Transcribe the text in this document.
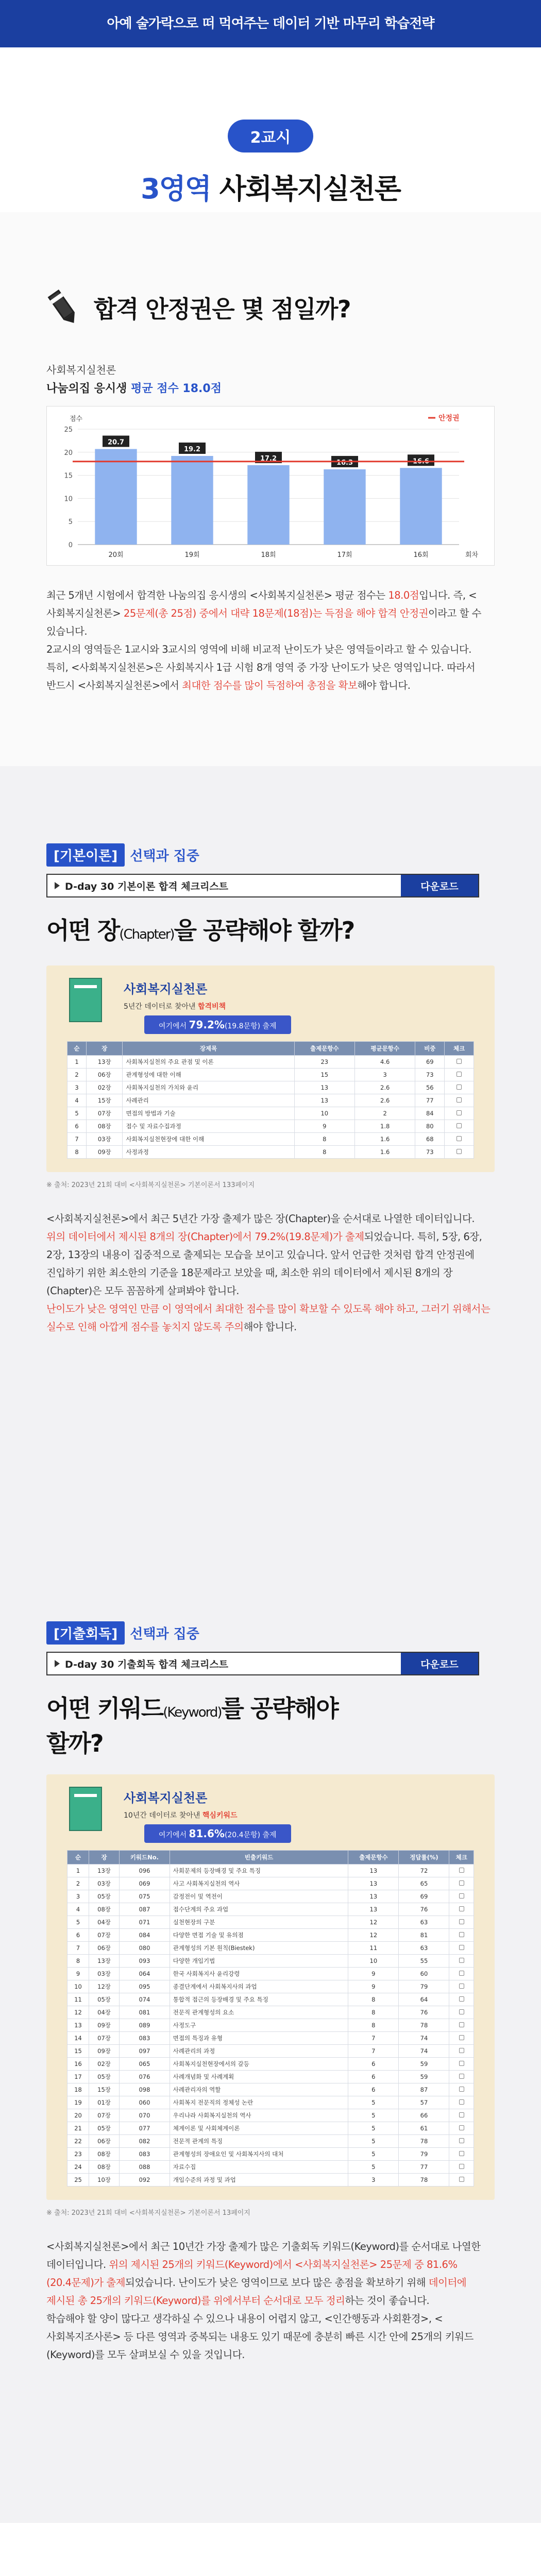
아예 술가락으로 떠 먹여주는 데이터 기반 마무리 학습전략
2교시
3영역 사회복지실천론
합격 안정권은 몇 점일까?
사회복지실천론
나눔의집 응시생 평균 점수 18.0점
0
5
10
15
20
25
점수
회차
20.7
20회
19.2
19회
17.2
18회
16.3
17회
16.6
16회
안정권
최근 5개년 시험에서 합격한 나눔의집 응시생의 <사회복지실천론> 평균 점수는 18.0점입니다. 즉, <사회복지실천론> 25문제(총 25점) 중에서 대략 18문제(18점)는 득점을 해야 합격 안정권이라고 할 수 있습니다.
2교시의 영역들은 1교시와 3교시의 영역에 비해 비교적 난이도가 낮은 영역들이라고 할 수 있습니다. 특히, <사회복지실천론>은 사회복지사 1급 시험 8개 영역 중 가장 난이도가 낮은 영역입니다. 따라서 반드시 <사회복지실천론>에서 최대한 점수를 많이 득점하여 총점을 확보해야 합니다.
[기본이론] 선택과 집중
D-day 30 기본이론 합격 체크리스트	다운로드
어떤 장(Chapter)을 공략해야 할까?
사회복지실천론
5년간 데이터로 찾아낸 합격비책
여기에서 79.2%(19.8문항) 출제
순	장	장제목	출제문항수	평균문항수	비중	체크
1	13장	사회복지실천의 주요 관점 및 이론	23	4.6	69	
2	06장	관계형성에 대한 이해	15	3	73	
3	02장	사회복지실천의 가치와 윤리	13	2.6	56	
4	15장	사례관리	13	2.6	77	
5	07장	면접의 방법과 기술	10	2	84	
6	08장	접수 및 자료수집과정	9	1.8	80	
7	03장	사회복지실천현장에 대한 이해	8	1.6	68	
8	09장	사정과정	8	1.6	73	
※ 출처: 2023년 21회 대비 <사회복지실천론> 기본이론서 133페이지
<사회복지실천론>에서 최근 5년간 가장 출제가 많은 장(Chapter)을 순서대로 나열한 데이터입니다. 위의 데이터에서 제시된 8개의 장(Chapter)에서 79.2%(19.8문제)가 출제되었습니다. 특히, 5장, 6장, 2장, 13장의 내용이 집중적으로 출제되는 모습을 보이고 있습니다. 앞서 언급한 것처럼 합격 안정권에 진입하기 위한 최소한의 기준을 18문제라고 보았을 때, 최소한 위의 데이터에서 제시된 8개의 장(Chapter)은 모두 꼼꼼하게 살펴봐야 합니다.
난이도가 낮은 영역인 만큼 이 영역에서 최대한 점수를 많이 확보할 수 있도록 해야 하고, 그러기 위해서는 실수로 인해 아깝게 점수를 놓치지 않도록 주의해야 합니다.
[기출회독] 선택과 집중
D-day 30 기출회독 합격 체크리스트	다운로드
어떤 키워드(Keyword)를 공략해야
할까?
사회복지실천론
10년간 데이터로 찾아낸 핵심키워드
여기에서 81.6%(20.4문항) 출제
순	장	키워드No.	빈출키워드	출제문항수	정답률(%)	체크
1	13장	096	사회문제의 등장배경 및 주요 특징	13	72	
2	03장	069	사고 사회복지실천의 역사	13	65	
3	05장	075	감정전이 및 역전이	13	69	
4	08장	087	접수단계의 주요 과업	13	76	
5	04장	071	실천현장의 구분	12	63	
6	07장	084	다양한 면접 기술 및 유의점	12	81	
7	06장	080	관계형성의 기본 원칙(Biestek)	11	63	
8	13장	093	다양한 개입기법	10	55	
9	03장	064	한국 사회복지사 윤리강령	9	60	
10	12장	095	종결단계에서 사회복지사의 과업	9	79	
11	05장	074	통합적 접근의 등장배경 및 주요 특징	8	64	
12	04장	081	전문직 관계형성의 요소	8	76	
13	09장	089	사정도구	8	78	
14	07장	083	면접의 특징과 유형	7	74	
15	09장	097	사례관리의 과정	7	74	
16	02장	065	사회복지실천현장에서의 갈등	6	59	
17	05장	076	사례개념화 및 사례계획	6	59	
18	15장	098	사례관리자의 역할	6	87	
19	01장	060	사회복지 전문직의 정체성 논란	5	57	
20	07장	070	우리나라 사회복지실천의 역사	5	66	
21	05장	077	체계이론 및 사회체계이론	5	61	
22	06장	082	전문적 관계의 특징	5	78	
23	08장	083	관계형성의 장애요인 및 사회복지사의 대처	5	79	
24	08장	088	자료수집	5	77	
25	10장	092	개입수준의 과정 및 과업	3	78	
※ 출처: 2023년 21회 대비 <사회복지실천론> 기본이론서 13페이지
<사회복지실천론>에서 최근 10년간 가장 출제가 많은 기출회독 키워드(Keyword)를 순서대로 나열한 데이터입니다. 위의 제시된 25개의 키워드(Keyword)에서 <사회복지실천론> 25문제 중 81.6%(20.4문제)가 출제되었습니다. 난이도가 낮은 영역이므로 보다 많은 총점을 확보하기 위해 데이터에 제시된 총 25개의 키워드(Keyword)를 위에서부터 순서대로 모두 정리하는 것이 좋습니다.
학습해야 할 양이 많다고 생각하실 수 있으나 내용이 어렵지 않고, <인간행동과 사회환경>, <사회복지조사론> 등 다른 영역과 중복되는 내용도 있기 때문에 충분히 빠른 시간 안에 25개의 키워드(Keyword)를 모두 살펴보실 수 있을 것입니다.
